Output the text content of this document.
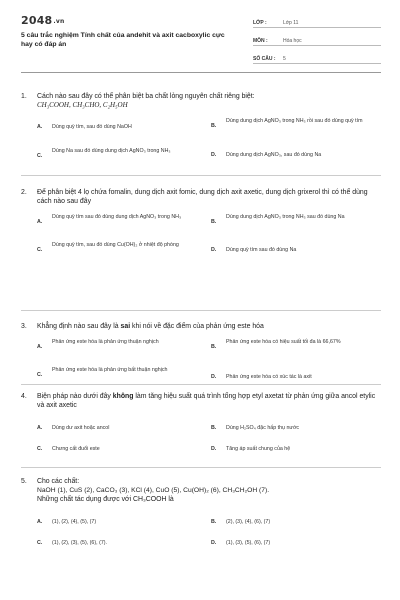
2048.vn
5 câu trắc nghiệm Tính chất của andehit và axit cacboxylic cực hay có đáp án
LỚP :	Lớp 11
MÔN :	Hóa học
SỐ CÂU :	5
1. Cách nào sau đây có thể phân biệt ba chất lỏng nguyên chất riêng biệt:
CH₃COOH, CH₃CHO, C₂H₅OH
A.	Dùng quỳ tím, sau đó dùng NaOH	B.
Dùng dung dịch AgNO₃ trong NH₃ rồi sau đó dùng quỳ tím
C.
Dùng Na sau đó dùng dung dịch AgNO₃ trong NH₃
D.	Dùng dung dịch AgNO₃, sau đó dùng Na
2. Để phân biệt 4 lọ chứa fomalin, dung dịch axit fomic, dung dịch axit axetic, dung dịch grixerol thì có thể dùng cách nào sau đây
A.
Dùng quỳ tím sau đó dùng dung dịch AgNO₃ trong NH₃
B.
Dùng dung dịch AgNO₃ trong NH₃ sau đó dùng Na
C.
Dùng quỳ tím, sau đó dùng Cu(OH)₂ ở nhiệt độ phòng
D.	Dùng quỳ tím sau đó dùng Na
3. Khẳng định nào sau đây là sai khi nói về đặc điểm của phản ứng este hóa
A.
Phản ứng este hóa là phản ứng thuận nghịch
B.
Phản ứng este hóa có hiệu suất tối đa là 66,67%
C.
Phản ứng este hóa là phản ứng bất thuận nghịch
D.	Phản ứng este hóa có xúc tác là axit
4. Biện pháp nào dưới đây không làm tăng hiệu suất quá trình tổng hợp etyl axetat từ phản ứng giữa ancol etylic và axit axetic
A.	Dùng dư axit hoặc ancol	B.	Dùng H₂SO₄ đặc hấp thụ nước
C.	Chưng cất đuổi este	D.	Tăng áp suất chung của hệ
5. Cho các chất:
NaOH (1), CuS (2), CaCO₃ (3), KCl (4), CuO (5), Cu(OH)₂ (6), CH₃CH₂OH (7).
Những chất tác dụng được với CH₃COOH là
A.	(1), (2), (4), (5), (7)	B.	(2), (3), (4), (6), (7)
C.	(1), (2), (3), (5), (6), (7).	D.	(1), (3), (5), (6), (7)
